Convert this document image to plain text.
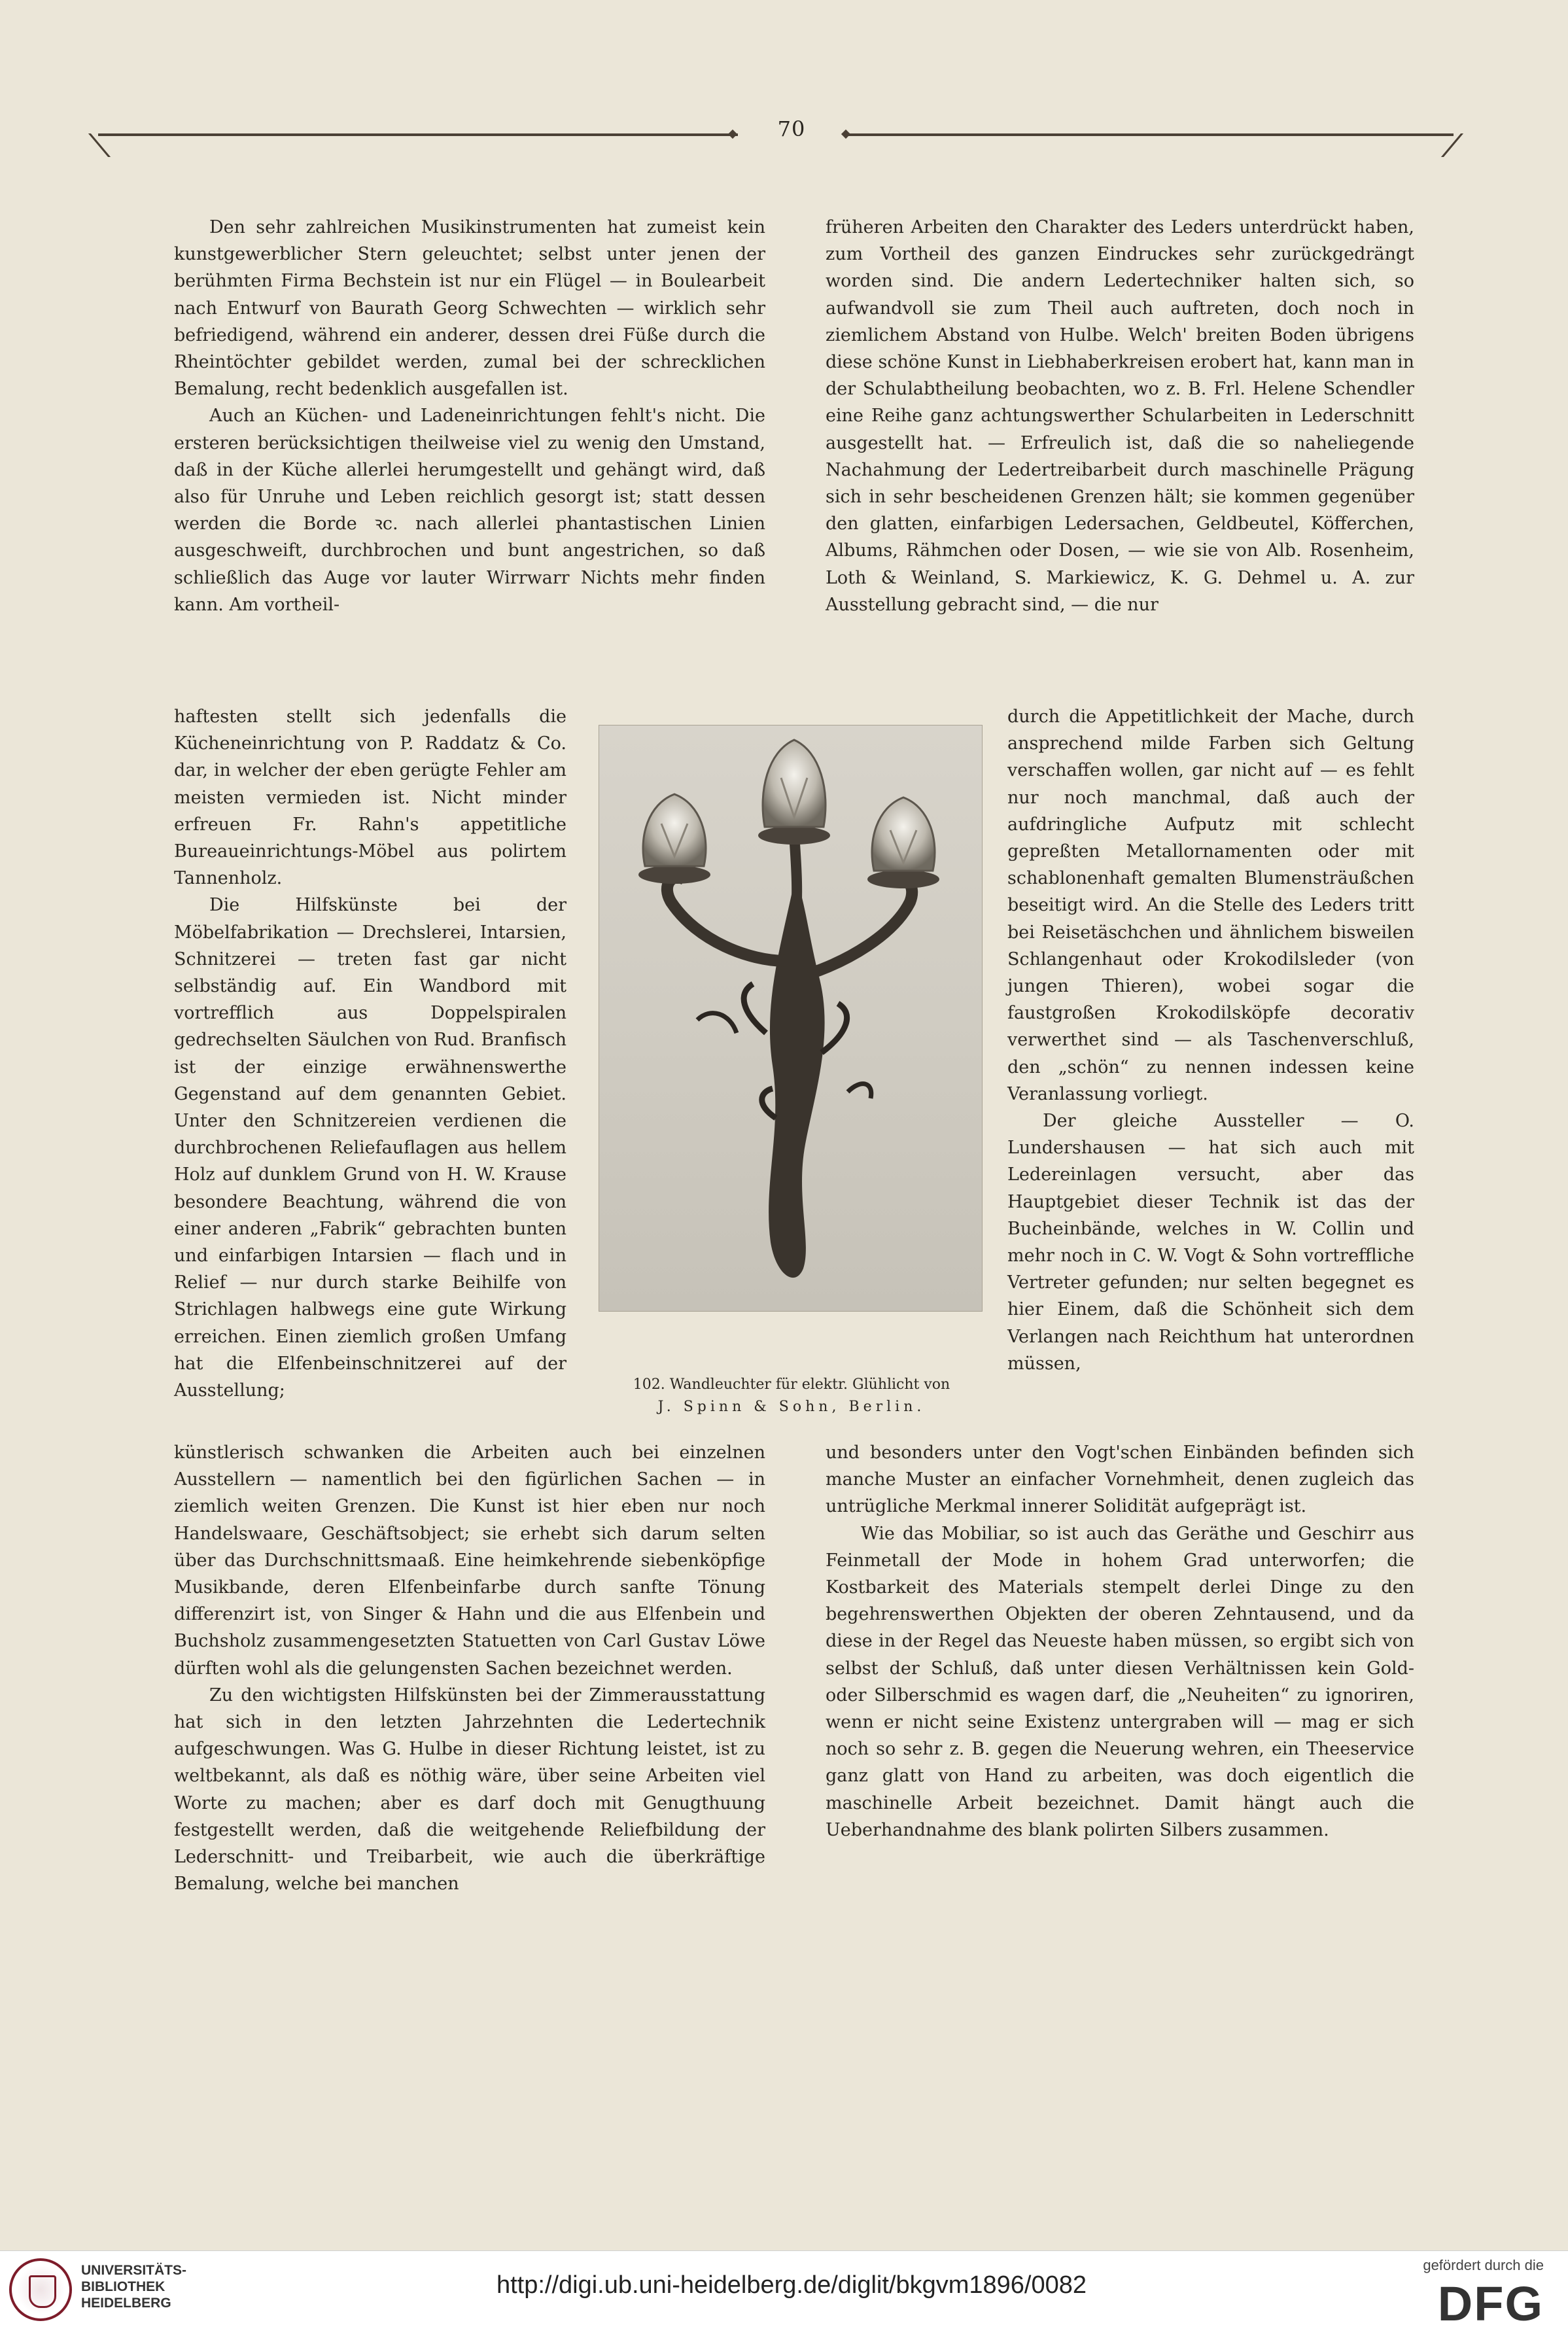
70

Den sehr zahlreichen Musikinstrumenten hat zumeist kein kunstgewerblicher Stern geleuchtet; selbst unter jenen der berühmten Firma Bechstein ist nur ein Flügel — in Boulearbeit nach Entwurf von Baurath Georg Schwechten — wirklich sehr befriedigend, während ein anderer, dessen drei Füße durch die Rheintöchter gebildet werden, zumal bei der schrecklichen Bemalung, recht bedenklich ausgefallen ist.

Auch an Küchen- und Ladeneinrichtungen fehlt's nicht. Die ersteren berücksichtigen theilweise viel zu wenig den Umstand, daß in der Küche allerlei herumgestellt und gehängt wird, daß also für Unruhe und Leben reichlich gesorgt ist; statt dessen werden die Borde ꝛc. nach allerlei phantastischen Linien ausgeschweift, durchbrochen und bunt angestrichen, so daß schließlich das Auge vor lauter Wirrwarr Nichts mehr finden kann. Am vortheil-

früheren Arbeiten den Charakter des Leders unterdrückt haben, zum Vortheil des ganzen Eindruckes sehr zurückgedrängt worden sind. Die andern Ledertechniker halten sich, so aufwandvoll sie zum Theil auch auftreten, doch noch in ziemlichem Abstand von Hulbe. Welch' breiten Boden übrigens diese schöne Kunst in Liebhaberkreisen erobert hat, kann man in der Schulabtheilung beobachten, wo z. B. Frl. Helene Schendler eine Reihe ganz achtungswerther Schularbeiten in Lederschnitt ausgestellt hat. — Erfreulich ist, daß die so naheliegende Nachahmung der Ledertreibarbeit durch maschinelle Prägung sich in sehr bescheidenen Grenzen hält; sie kommen gegenüber den glatten, einfarbigen Ledersachen, Geldbeutel, Köfferchen, Albums, Rähmchen oder Dosen, — wie sie von Alb. Rosenheim, Loth & Weinland, S. Markiewicz, K. G. Dehmel u. A. zur Ausstellung gebracht sind, — die nur

haftesten stellt sich jedenfalls die Kücheneinrichtung von P. Raddatz & Co. dar, in welcher der eben gerügte Fehler am meisten vermieden ist. Nicht minder erfreuen Fr. Rahn's appetitliche Bureaueinrichtungs-Möbel aus polirtem Tannenholz.

Die Hilfskünste bei der Möbelfabrikation — Drechslerei, Intarsien, Schnitzerei — treten fast gar nicht selbständig auf. Ein Wandbord mit vortrefflich aus Doppelspiralen gedrechselten Säulchen von Rud. Branfisch ist der einzige erwähnenswerthe Gegenstand auf dem genannten Gebiet. Unter den Schnitzereien verdienen die durchbrochenen Reliefauflagen aus hellem Holz auf dunklem Grund von H. W. Krause besondere Beachtung, während die von einer anderen „Fabrik“ gebrachten bunten und einfarbigen Intarsien — flach und in Relief — nur durch starke Beihilfe von Strichlagen halbwegs eine gute Wirkung erreichen. Einen ziemlich großen Umfang hat die Elfenbeinschnitzerei auf der Ausstellung;	102. Wandleuchter für elektr. Glühlicht von
J. Spinn & Sohn, Berlin.

durch die Appetitlichkeit der Mache, durch ansprechend milde Farben sich Geltung verschaffen wollen, gar nicht auf — es fehlt nur noch manchmal, daß auch der aufdringliche Aufputz mit schlecht gepreßten Metallornamenten oder mit schablonenhaft gemalten Blumensträußchen beseitigt wird. An die Stelle des Leders tritt bei Reisetäschchen und ähnlichem bisweilen Schlangenhaut oder Krokodilsleder (von jungen Thieren), wobei sogar die faustgroßen Krokodilsköpfe decorativ verwerthet sind — als Taschenverschluß, den „schön“ zu nennen indessen keine Veranlassung vorliegt.

Der gleiche Aussteller — O. Lundershausen — hat sich auch mit Ledereinlagen versucht, aber das Hauptgebiet dieser Technik ist das der Bucheinbände, welches in W. Collin und mehr noch in C. W. Vogt & Sohn vortreffliche Vertreter gefunden; nur selten begegnet es hier Einem, daß die Schönheit sich dem Verlangen nach Reichthum hat unterordnen müssen,

künstlerisch schwanken die Arbeiten auch bei einzelnen Ausstellern — namentlich bei den figürlichen Sachen — in ziemlich weiten Grenzen. Die Kunst ist hier eben nur noch Handelswaare, Geschäftsobject; sie erhebt sich darum selten über das Durchschnittsmaaß. Eine heimkehrende siebenköpfige Musikbande, deren Elfenbeinfarbe durch sanfte Tönung differenzirt ist, von Singer & Hahn und die aus Elfenbein und Buchsholz zusammengesetzten Statuetten von Carl Gustav Löwe dürften wohl als die gelungensten Sachen bezeichnet werden.

Zu den wichtigsten Hilfskünsten bei der Zimmerausstattung hat sich in den letzten Jahrzehnten die Ledertechnik aufgeschwungen. Was G. Hulbe in dieser Richtung leistet, ist zu weltbekannt, als daß es nöthig wäre, über seine Arbeiten viel Worte zu machen; aber es darf doch mit Genugthuung festgestellt werden, daß die weitgehende Reliefbildung der Lederschnitt- und Treibarbeit, wie auch die überkräftige Bemalung, welche bei manchen

und besonders unter den Vogt'schen Einbänden befinden sich manche Muster an einfacher Vornehmheit, denen zugleich das untrügliche Merkmal innerer Solidität aufgeprägt ist.

Wie das Mobiliar, so ist auch das Geräthe und Geschirr aus Feinmetall der Mode in hohem Grad unterworfen; die Kostbarkeit des Materials stempelt derlei Dinge zu den begehrenswerthen Objekten der oberen Zehntausend, und da diese in der Regel das Neueste haben müssen, so ergibt sich von selbst der Schluß, daß unter diesen Verhältnissen kein Gold- oder Silberschmid es wagen darf, die „Neuheiten“ zu ignoriren, wenn er nicht seine Existenz untergraben will — mag er sich noch so sehr z. B. gegen die Neuerung wehren, ein Theeservice ganz glatt von Hand zu arbeiten, was doch eigentlich die maschinelle Arbeit bezeichnet. Damit hängt auch die Ueberhandnahme des blank polirten Silbers zusammen.

UNIVERSITÄTS-
BIBLIOTHEK
HEIDELBERG
http://digi.ub.uni-heidelberg.de/diglit/bkgvm1896/0082
gefördert durch die
DFG
